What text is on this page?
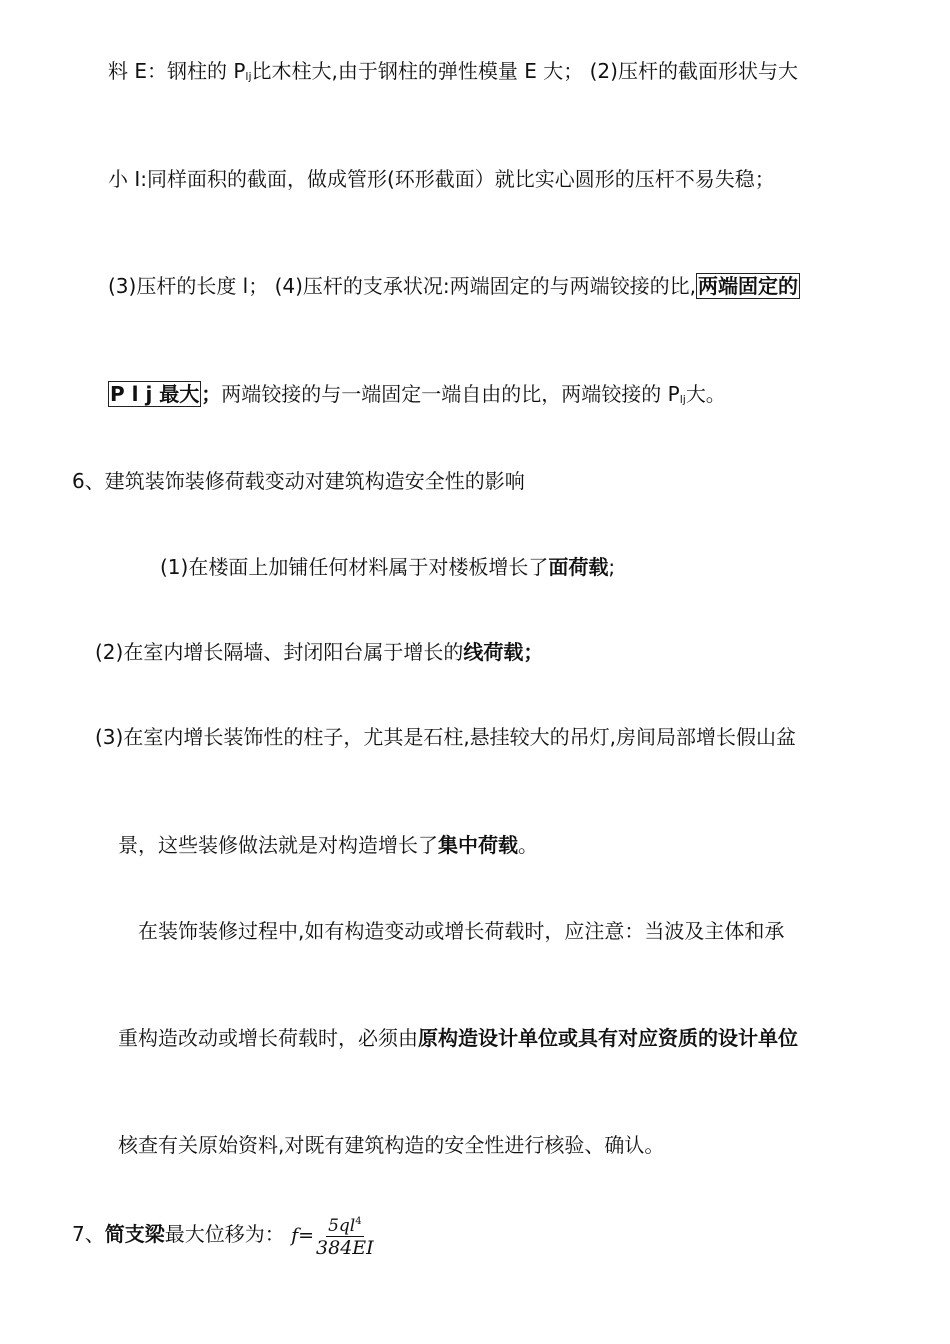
料 E：钢柱的 Plj比木柱大,由于钢柱的弹性模量 E 大； (2)压杆的截面形状与大
小 I:同样面积的截面，做成管形(环形截面）就比实心圆形的压杆不易失稳；
(3)压杆的长度 l； (4)压杆的支承状况:两端固定的与两端铰接的比, 两端固定的
P l j 最大 ；两端铰接的与一端固定一端自由的比，两端铰接的 Plj大。
6、建筑装饰装修荷载变动对建筑构造安全性的影响
(1)在楼面上加铺任何材料属于对楼板增长了面荷载;
(2)在室内增长隔墙、封闭阳台属于增长的线荷载；
(3)在室内增长装饰性的柱子，尤其是石柱,悬挂较大的吊灯,房间局部增长假山盆
景，这些装修做法就是对构造增长了集中荷载。
在装饰装修过程中,如有构造变动或增长荷载时，应注意：当波及主体和承
重构造改动或增长荷载时，必须由原构造设计单位或具有对应资质的设计单位
核查有关原始资料,对既有建筑构造的安全性进行核验、确认。
7、简支梁最大位移为： $f= \frac{5ql^4}{384EI}$
